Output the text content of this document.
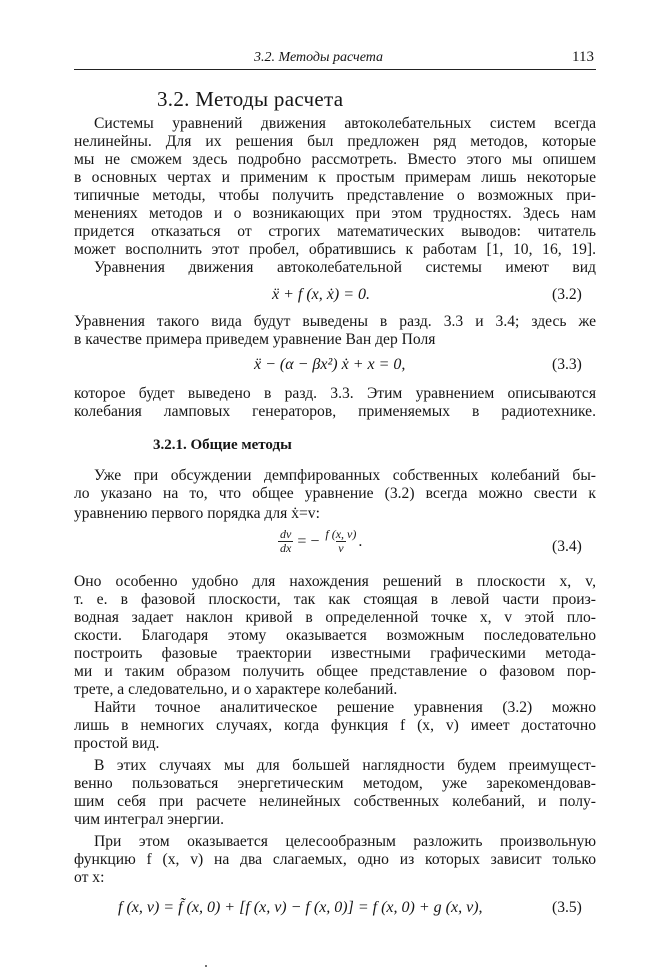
3.2. Методы расчета	113
3.2. Методы расчета
Системы уравнений движения автоколебательных систем всегда
нелинейны. Для их решения был предложен ряд методов, которые
мы не сможем здесь подробно рассмотреть. Вместо этого мы опишем
в основных чертах и применим к простым примерам лишь некоторые
типичные методы, чтобы получить представление о возможных при-
менениях методов и о возникающих при этом трудностях. Здесь нам
придется отказаться от строгих математических выводов: читатель
может восполнить этот пробел, обратившись к работам [1, 10, 16, 19].
Уравнения движения автоколебательной системы имеют вид
ẍ + f (x, ẋ) = 0.	(3.2)
Уравнения такого вида будут выведены в разд. 3.3 и 3.4; здесь же
в качестве примера приведем уравнение Ван дер Поля
ẍ − (α − βx²) ẋ + x = 0,	(3.3)
которое будет выведено в разд. 3.3. Этим уравнением описываются
колебания ламповых генераторов, применяемых в радиотехнике.
3.2.1. Общие методы
Уже при обсуждении демпфированных собственных колебаний бы-
ло указано на то, что общее уравнение (3.2) всегда можно свести к
уравнению первого порядка для ẋ=v:
$\frac{dv}{dx}$ = − $\frac{f (x, v)}{v}$ .	(3.4)
Оно особенно удобно для нахождения решений в плоскости x, v,
т. е. в фазовой плоскости, так как стоящая в левой части произ-
водная задает наклон кривой в определенной точке x, v этой пло-
скости. Благодаря этому оказывается возможным последовательно
построить фазовые траектории известными графическими метода-
ми и таким образом получить общее представление о фазовом пор-
трете, а следовательно, и о характере колебаний.
Найти точное аналитическое решение уравнения (3.2) можно
лишь в немногих случаях, когда функция f (x, v) имеет достаточно
простой вид.
В этих случаях мы для большей наглядности будем преимущест-
венно пользоваться энергетическим методом, уже зарекомендовав-
шим себя при расчете нелинейных собственных колебаний, и полу-
чим интеграл энергии.
При этом оказывается целесообразным разложить произвольную
функцию f (x, v) на два слагаемых, одно из которых зависит только
от x:
f (x, v) = f̃ (x, 0) + [f (x, v) − f (x, 0)] = f (x, 0) + g (x, v),	(3.5)
